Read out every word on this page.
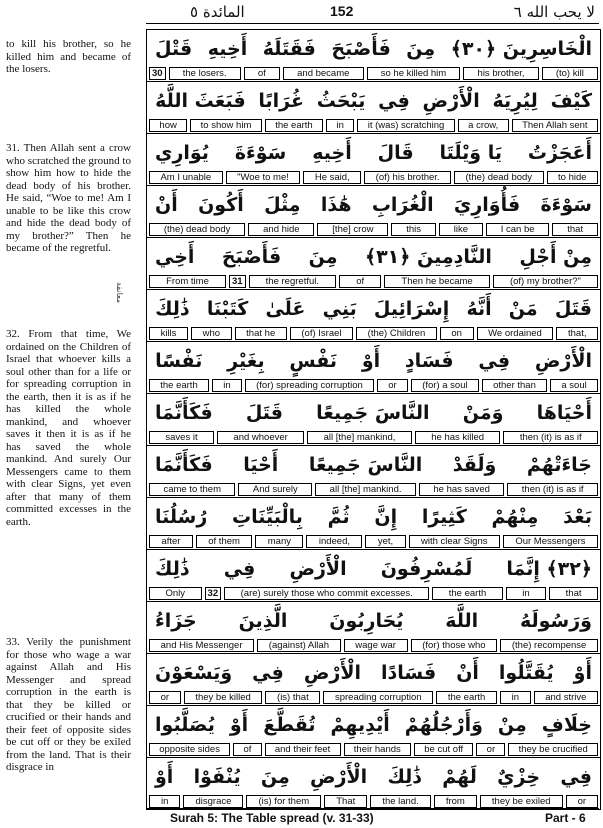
المائدة ٥	152	لا يحب الله ٦

to kill his brother, so he killed him and became of the losers.

31. Then Allah sent a crow who scratched the ground to show him how to hide the dead body of his brother. He said, “Woe to me! Am I unable to be like this crow and hide the dead body of my brother?” Then he became of the regretful.

معانقة

32. From that time, We ordained on the Children of Israel that whoever kills a soul other than for a life or for spreading corruption in the earth, then it is as if he has killed the whole mankind, and whoever saves it then it is as if he has saved the whole mankind. And surely Our Messengers came to them with clear Signs, yet even after that many of them committed excesses in the earth.

33. Verily the punishment for those who wage a war against Allah and His Messenger and spread corruption in the earth is that they be killed or crucified or their hands and their feet of opposite sides be cut off or they be exiled from the land. That is their disgrace in

قَتْلَ أَخِيهِ فَقَتَلَهُ فَأَصْبَحَ مِنَ الْخَاسِرِينَ ﴿٣٠﴾
30	the losers.	of	and became	so he killed him	his brother,	(to) kill
فَبَعَثَ اللَّهُ غُرَابًا يَبْحَثُ فِي الْأَرْضِ لِيُرِيَهُ كَيْفَ
how	to show him	the earth	in	it (was) scratching	a crow,	Then Allah sent
يُوَارِي سَوْءَةَ أَخِيهِ قَالَ يَا وَيْلَتَا أَعَجَزْتُ
Am I unable	"Woe to me!	He said,	(of) his brother.	(the) dead body	to hide
أَنْ أَكُونَ مِثْلَ هَٰذَا الْغُرَابِ فَأُوَارِيَ سَوْءَةَ
(the) dead body	and hide	[the] crow	this	like	I can be	that
أَخِي فَأَصْبَحَ مِنَ النَّادِمِينَ ﴿٣١﴾ مِنْ أَجْلِ
From time	31	the regretful.	of	Then he became	(of) my brother?"
ذَٰلِكَ كَتَبْنَا عَلَىٰ بَنِي إِسْرَائِيلَ أَنَّهُ مَنْ قَتَلَ
kills	who	that he	(of) Israel	(the) Children	on	We ordained	that,
نَفْسًا بِغَيْرِ نَفْسٍ أَوْ فَسَادٍ فِي الْأَرْضِ
the earth	in	(for) spreading corruption	or	(for) a soul	other than	a soul
فَكَأَنَّمَا قَتَلَ النَّاسَ جَمِيعًا وَمَنْ أَحْيَاهَا
saves it	and whoever	all [the] mankind,	he has killed	then (it) is as if
فَكَأَنَّمَا أَحْيَا النَّاسَ جَمِيعًا وَلَقَدْ جَاءَتْهُمْ
came to them	And surely	all [the] mankind.	he has saved	then (it) is as if
رُسُلُنَا بِالْبَيِّنَاتِ ثُمَّ إِنَّ كَثِيرًا مِنْهُمْ بَعْدَ
after	of them	many	indeed,	yet,	with clear Signs	Our Messengers
ذَٰلِكَ فِي الْأَرْضِ لَمُسْرِفُونَ ﴿٣٢﴾ إِنَّمَا
Only	32	(are) surely those who commit excesses.	the earth	in	that
جَزَاءُ الَّذِينَ يُحَارِبُونَ اللَّهَ وَرَسُولَهُ
and His Messenger	(against) Allah	wage war	(for) those who	(the) recompense
وَيَسْعَوْنَ فِي الْأَرْضِ فَسَادًا أَنْ يُقَتَّلُوا أَوْ
or	they be killed	(is) that	spreading corruption	the earth	in	and strive
يُصَلَّبُوا أَوْ تُقَطَّعَ أَيْدِيهِمْ وَأَرْجُلُهُمْ مِنْ خِلَافٍ
opposite sides	of	and their feet	their hands	be cut off	or	they be crucified
أَوْ يُنْفَوْا مِنَ الْأَرْضِ ذَٰلِكَ لَهُمْ خِزْيٌ فِي
in	disgrace	(is) for them	That	the land.	from	they be exiled	or
Surah 5: The Table spread (v. 31-33)	Part - 6
